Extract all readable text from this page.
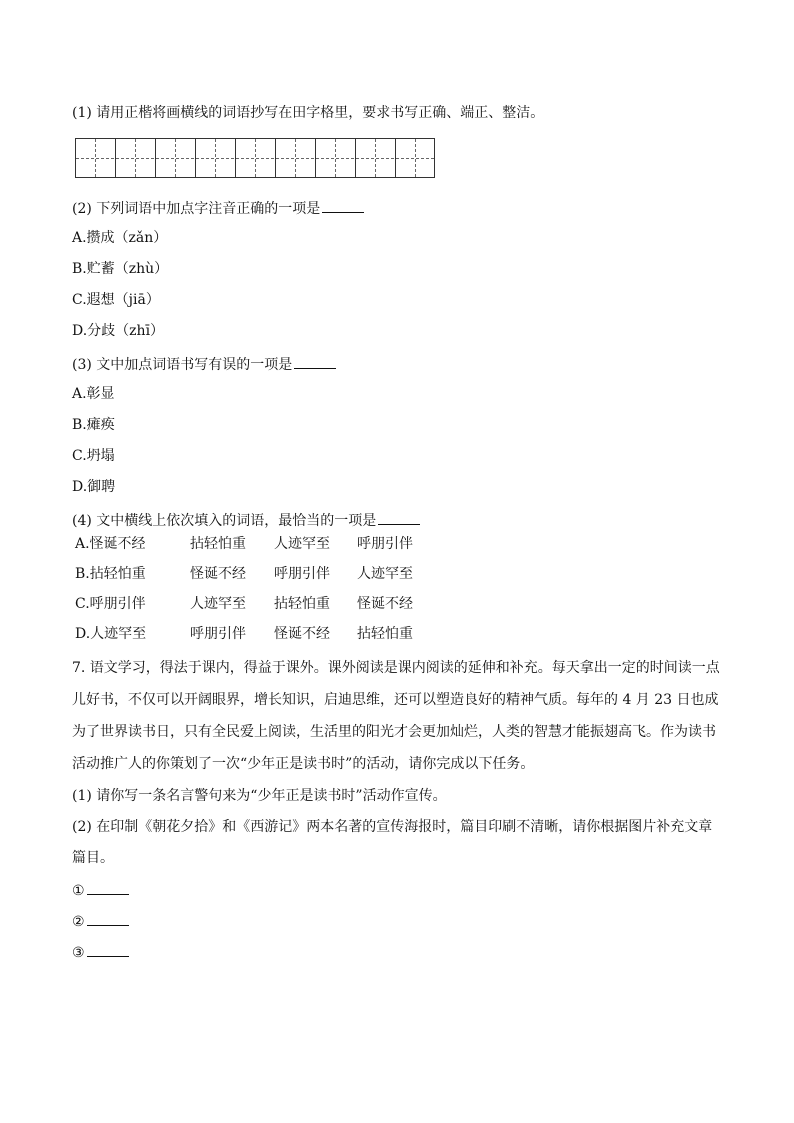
(1) 请用正楷将画横线的词语抄写在田字格里，要求书写正确、端正、整洁。
(2) 下列词语中加点字注音正确的一项是
A.攒成（zǎn）
B.贮蓄（zhù）
C.遐想（jiā）
D.分歧（zhī）
(3) 文中加点词语书写有误的一项是
A.彰显
B.瘫痪
C.坍塌
D.御聘
(4) 文中横线上依次填入的词语，最恰当的一项是
A.怪诞不经	拈轻怕重 人迹罕至 呼朋引伴
B.拈轻怕重	怪诞不经 呼朋引伴 人迹罕至
C.呼朋引伴	人迹罕至 拈轻怕重 怪诞不经
D.人迹罕至	呼朋引伴 怪诞不经 拈轻怕重
7. 语文学习，得法于课内，得益于课外。课外阅读是课内阅读的延伸和补充。每天拿出一定的时间读一点
儿好书，不仅可以开阔眼界，增长知识，启迪思维，还可以塑造良好的精神气质。每年的 4 月 23 日也成
为了世界读书日，只有全民爱上阅读，生活里的阳光才会更加灿烂，人类的智慧才能振翅高飞。作为读书
活动推广人的你策划了一次“少年正是读书时”的活动，请你完成以下任务。
(1) 请你写一条名言警句来为“少年正是读书时”活动作宣传。
(2) 在印制《朝花夕拾》和《西游记》两本名著的宣传海报时，篇目印刷不清晰，请你根据图片补充文章
篇目。
①
②
③
